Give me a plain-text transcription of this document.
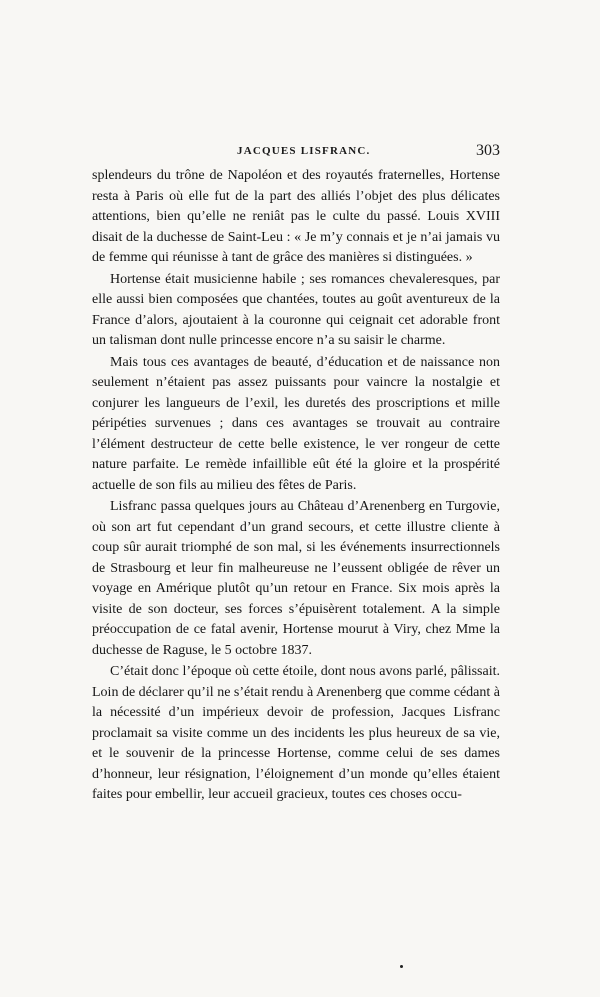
JACQUES LISFRANC.	303

splendeurs du trône de Napoléon et des royautés fraternelles, Hortense resta à Paris où elle fut de la part des alliés l’objet des plus délicates attentions, bien qu’elle ne reniât pas le culte du passé. Louis XVIII disait de la duchesse de Saint-Leu : « Je m’y connais et je n’ai jamais vu de femme qui réunisse à tant de grâce des manières si distinguées. »

Hortense était musicienne habile ; ses romances chevaleresques, par elle aussi bien composées que chantées, toutes au goût aventureux de la France d’alors, ajoutaient à la couronne qui ceignait cet adorable front un talisman dont nulle princesse encore n’a su saisir le charme.

Mais tous ces avantages de beauté, d’éducation et de naissance non seulement n’étaient pas assez puissants pour vaincre la nostalgie et conjurer les langueurs de l’exil, les duretés des proscriptions et mille péripéties survenues ; dans ces avantages se trouvait au contraire l’élément destructeur de cette belle existence, le ver rongeur de cette nature parfaite. Le remède infaillible eût été la gloire et la prospérité actuelle de son fils au milieu des fêtes de Paris.

Lisfranc passa quelques jours au Château d’Arenenberg en Turgovie, où son art fut cependant d’un grand secours, et cette illustre cliente à coup sûr aurait triomphé de son mal, si les événements insurrectionnels de Strasbourg et leur fin malheureuse ne l’eussent obligée de rêver un voyage en Amérique plutôt qu’un retour en France. Six mois après la visite de son docteur, ses forces s’épuisèrent totalement. A la simple préoccupation de ce fatal avenir, Hortense mourut à Viry, chez Mme la duchesse de Raguse, le 5 octobre 1837.

C’était donc l’époque où cette étoile, dont nous avons parlé, pâlissait. Loin de déclarer qu’il ne s’était rendu à Arenenberg que comme cédant à la nécessité d’un impérieux devoir de profession, Jacques Lisfranc proclamait sa visite comme un des incidents les plus heureux de sa vie, et le souvenir de la princesse Hortense, comme celui de ses dames d’honneur, leur résignation, l’éloignement d’un monde qu’elles étaient faites pour embellir, leur accueil gracieux, toutes ces choses occu-
